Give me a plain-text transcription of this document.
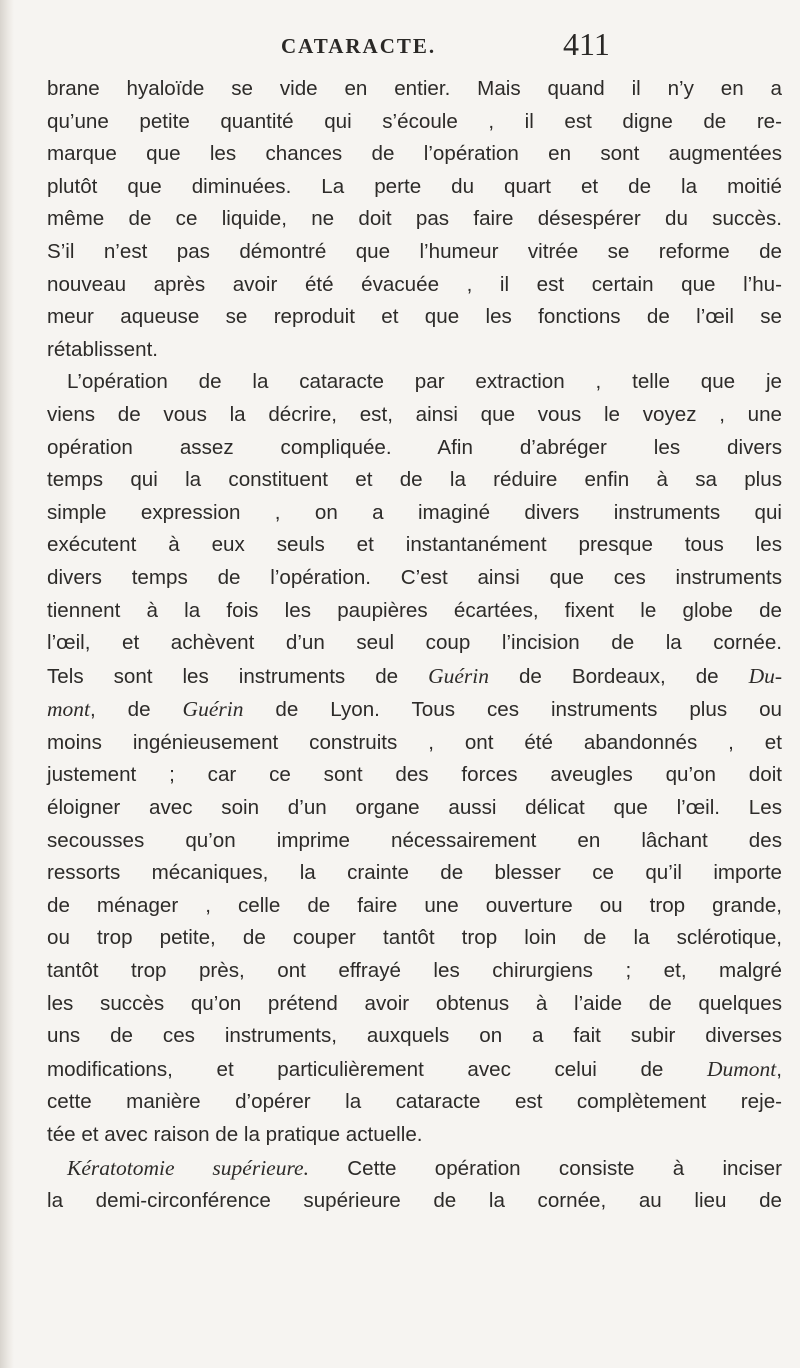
CATARACTE.	411
brane hyaloïde se vide en entier. Mais quand il n’y en a
qu’une petite quantité qui s’écoule , il est digne de re-
marque que les chances de l’opération en sont augmentées
plutôt que diminuées. La perte du quart et de la moitié
même de ce liquide, ne doit pas faire désespérer du succès.
S’il n’est pas démontré que l’humeur vitrée se reforme de
nouveau après avoir été évacuée , il est certain que l’hu-
meur aqueuse se reproduit et que les fonctions de l’œil se
rétablissent.
L’opération de la cataracte par extraction , telle que je
viens de vous la décrire, est, ainsi que vous le voyez , une
opération assez compliquée. Afin d’abréger les divers
temps qui la constituent et de la réduire enfin à sa plus
simple expression , on a imaginé divers instruments qui
exécutent à eux seuls et instantanément presque tous les
divers temps de l’opération. C’est ainsi que ces instruments
tiennent à la fois les paupières écartées, fixent le globe de
l’œil, et achèvent d’un seul coup l’incision de la cornée.
Tels sont les instruments de Guérin de Bordeaux, de Du-
mont, de Guérin de Lyon. Tous ces instruments plus ou
moins ingénieusement construits , ont été abandonnés , et
justement ; car ce sont des forces aveugles qu’on doit
éloigner avec soin d’un organe aussi délicat que l’œil. Les
secousses qu’on imprime nécessairement en lâchant des
ressorts mécaniques, la crainte de blesser ce qu’il importe
de ménager , celle de faire une ouverture ou trop grande,
ou trop petite, de couper tantôt trop loin de la sclérotique,
tantôt trop près, ont effrayé les chirurgiens ; et, malgré
les succès qu’on prétend avoir obtenus à l’aide de quelques
uns de ces instruments, auxquels on a fait subir diverses
modifications, et particulièrement avec celui de Dumont,
cette manière d’opérer la cataracte est complètement reje-
tée et avec raison de la pratique actuelle.
Kératotomie supérieure. Cette opération consiste à inciser
la demi-circonférence supérieure de la cornée, au lieu de
